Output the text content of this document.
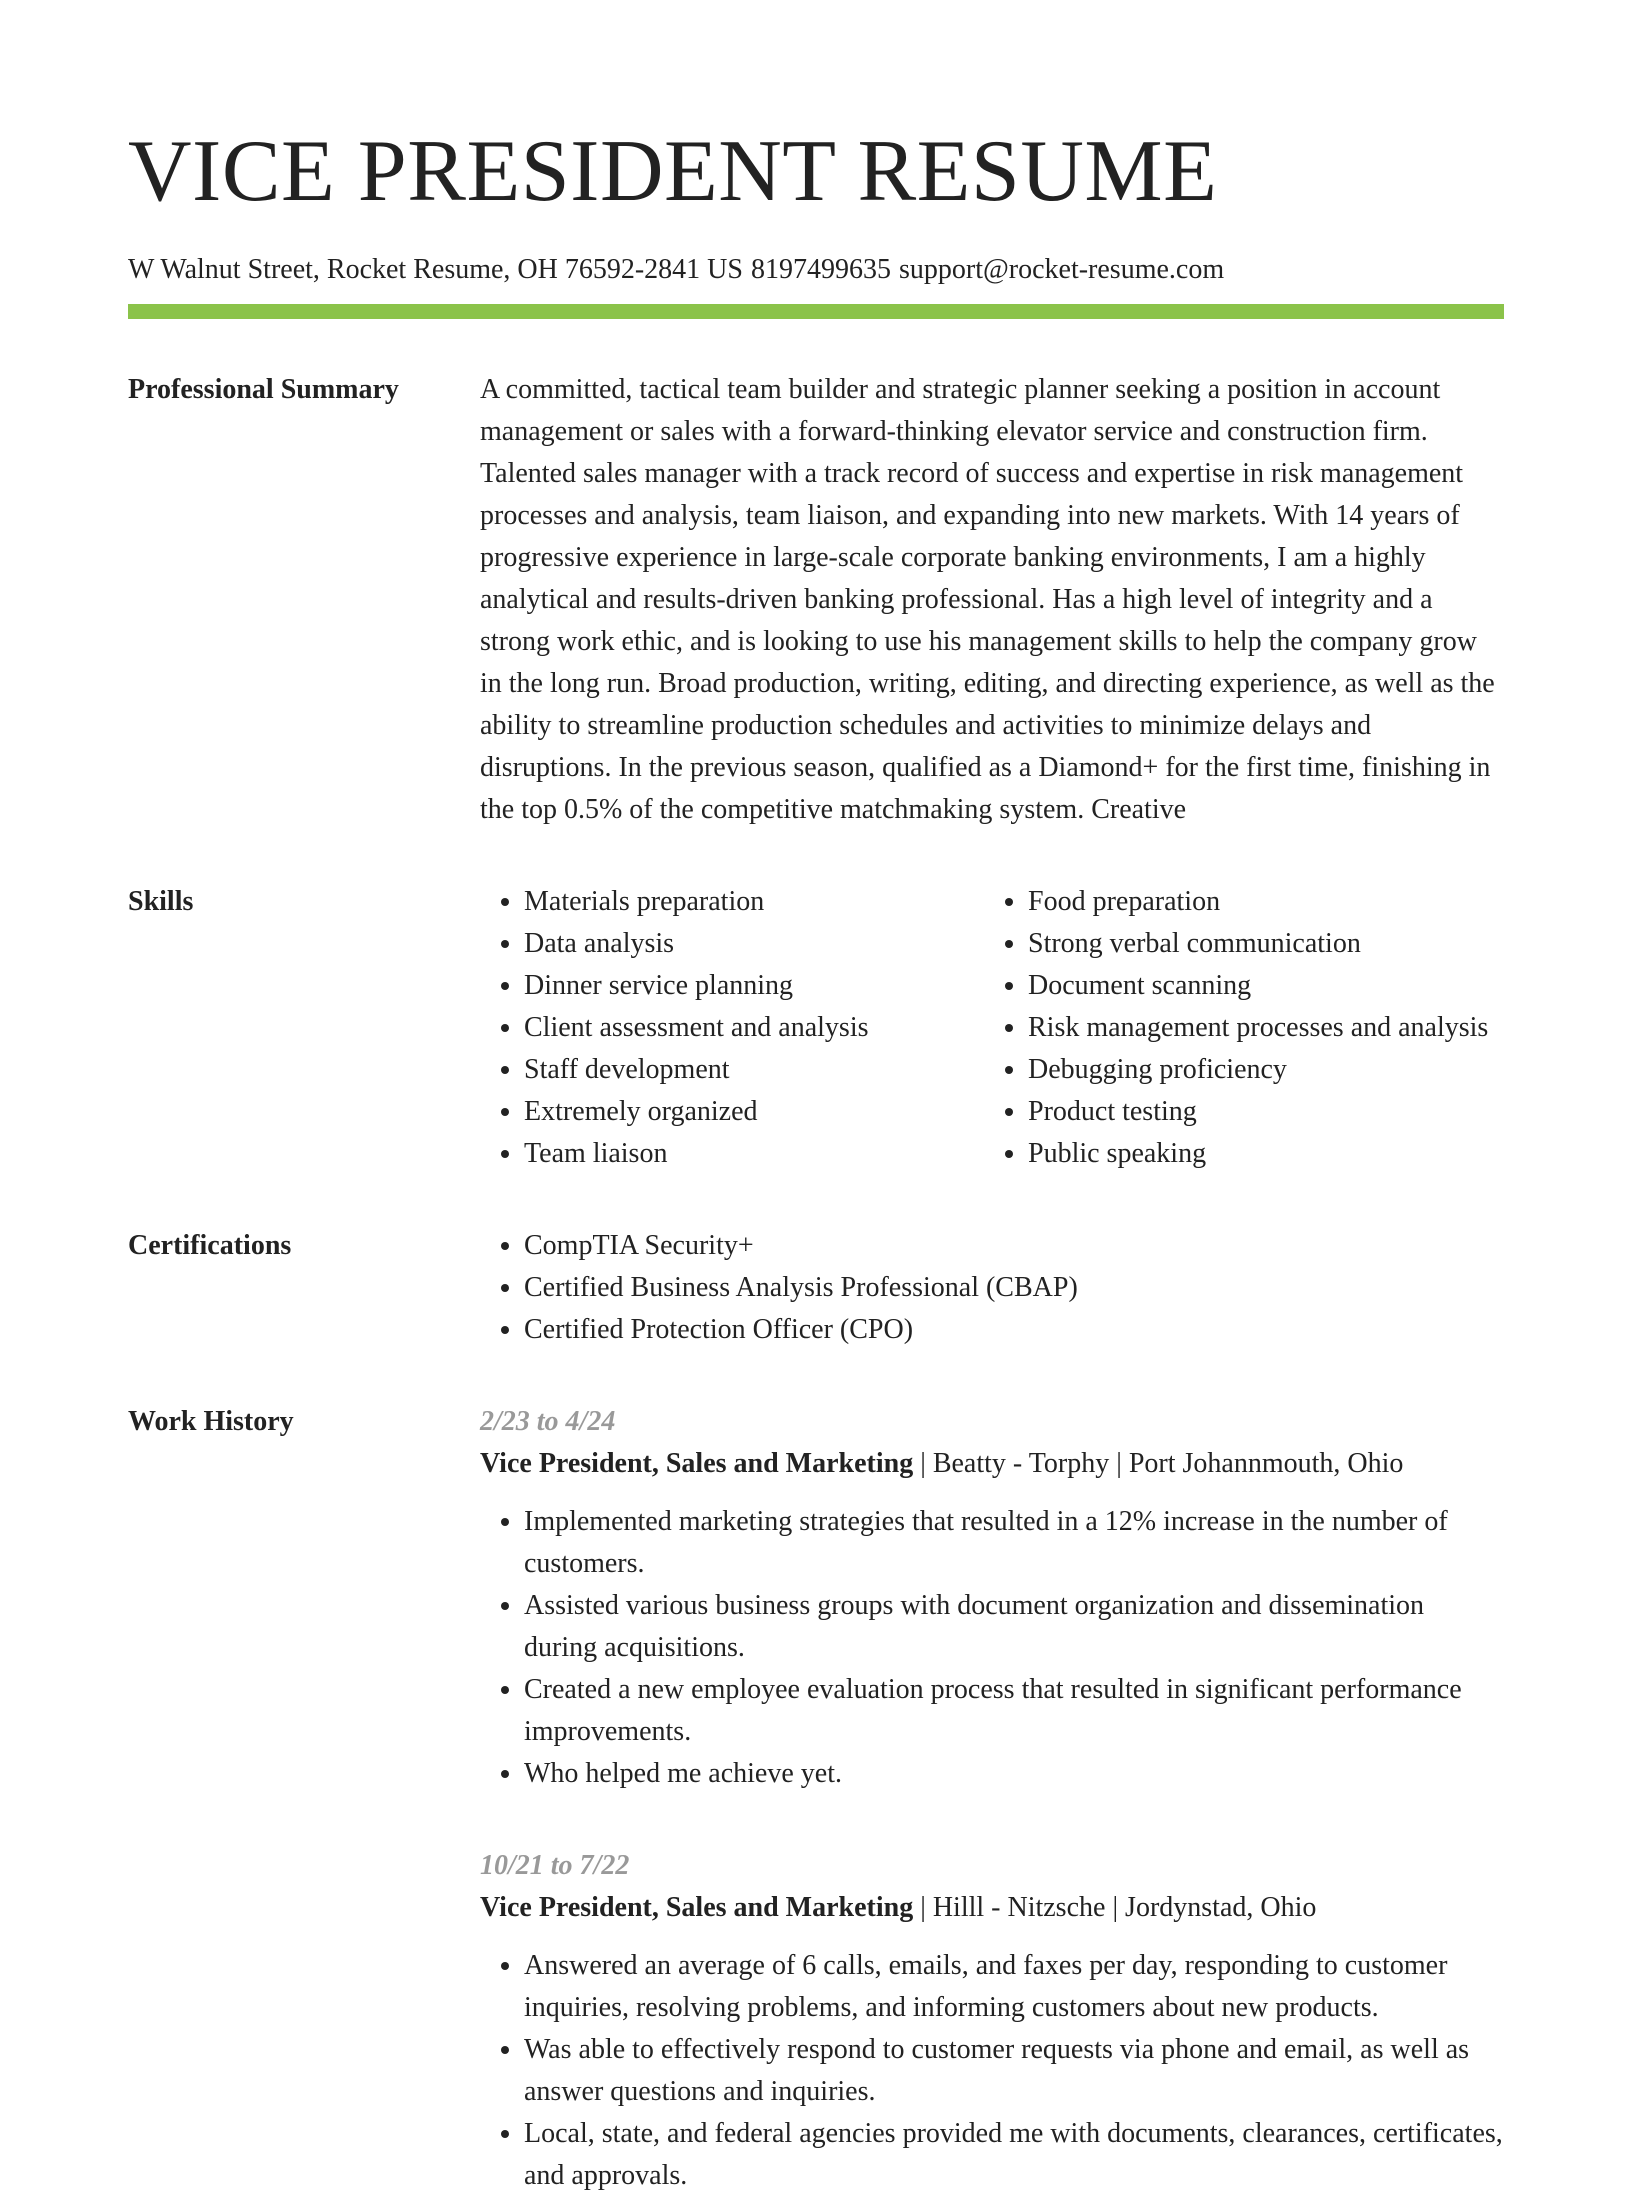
VICE PRESIDENT RESUME
W Walnut Street, Rocket Resume, OH 76592-2841 US 8197499635 support@rocket-resume.com
Professional Summary	A committed, tactical team builder and strategic planner seeking a position in account management or sales with a forward-thinking elevator service and construction firm. Talented sales manager with a track record of success and expertise in risk management processes and analysis, team liaison, and expanding into new markets. With 14 years of progressive experience in large-scale corporate banking environments, I am a highly analytical and results-driven banking professional. Has a high level of integrity and a strong work ethic, and is looking to use his management skills to help the company grow in the long run. Broad production, writing, editing, and directing experience, as well as the ability to streamline production schedules and activities to minimize delays and disruptions. In the previous season, qualified as a Diamond+ for the first time, finishing in the top 0.5% of the competitive matchmaking system. Creative

Skills	• Materials preparation
• Data analysis
• Dinner service planning
• Client assessment and analysis
• Staff development
• Extremely organized
• Team liaison
• Food preparation
• Strong verbal communication
• Document scanning
• Risk management processes and analysis
• Debugging proficiency
• Product testing
• Public speaking
Certifications	• CompTIA Security+
• Certified Business Analysis Professional (CBAP)
• Certified Protection Officer (CPO)
Work History	2/23 to 4/24

Vice President, Sales and Marketing | Beatty - Torphy | Port Johannmouth, Ohio

• Implemented marketing strategies that resulted in a 12% increase in the number of customers.
• Assisted various business groups with document organization and dissemination during acquisitions.
• Created a new employee evaluation process that resulted in significant performance improvements.
• Who helped me achieve yet.
10/21 to 7/22

Vice President, Sales and Marketing | Hilll - Nitzsche | Jordynstad, Ohio

• Answered an average of 6 calls, emails, and faxes per day, responding to customer inquiries, resolving problems, and informing customers about new products.
• Was able to effectively respond to customer requests via phone and email, as well as answer questions and inquiries.
• Local, state, and federal agencies provided me with documents, clearances, certificates, and approvals.
